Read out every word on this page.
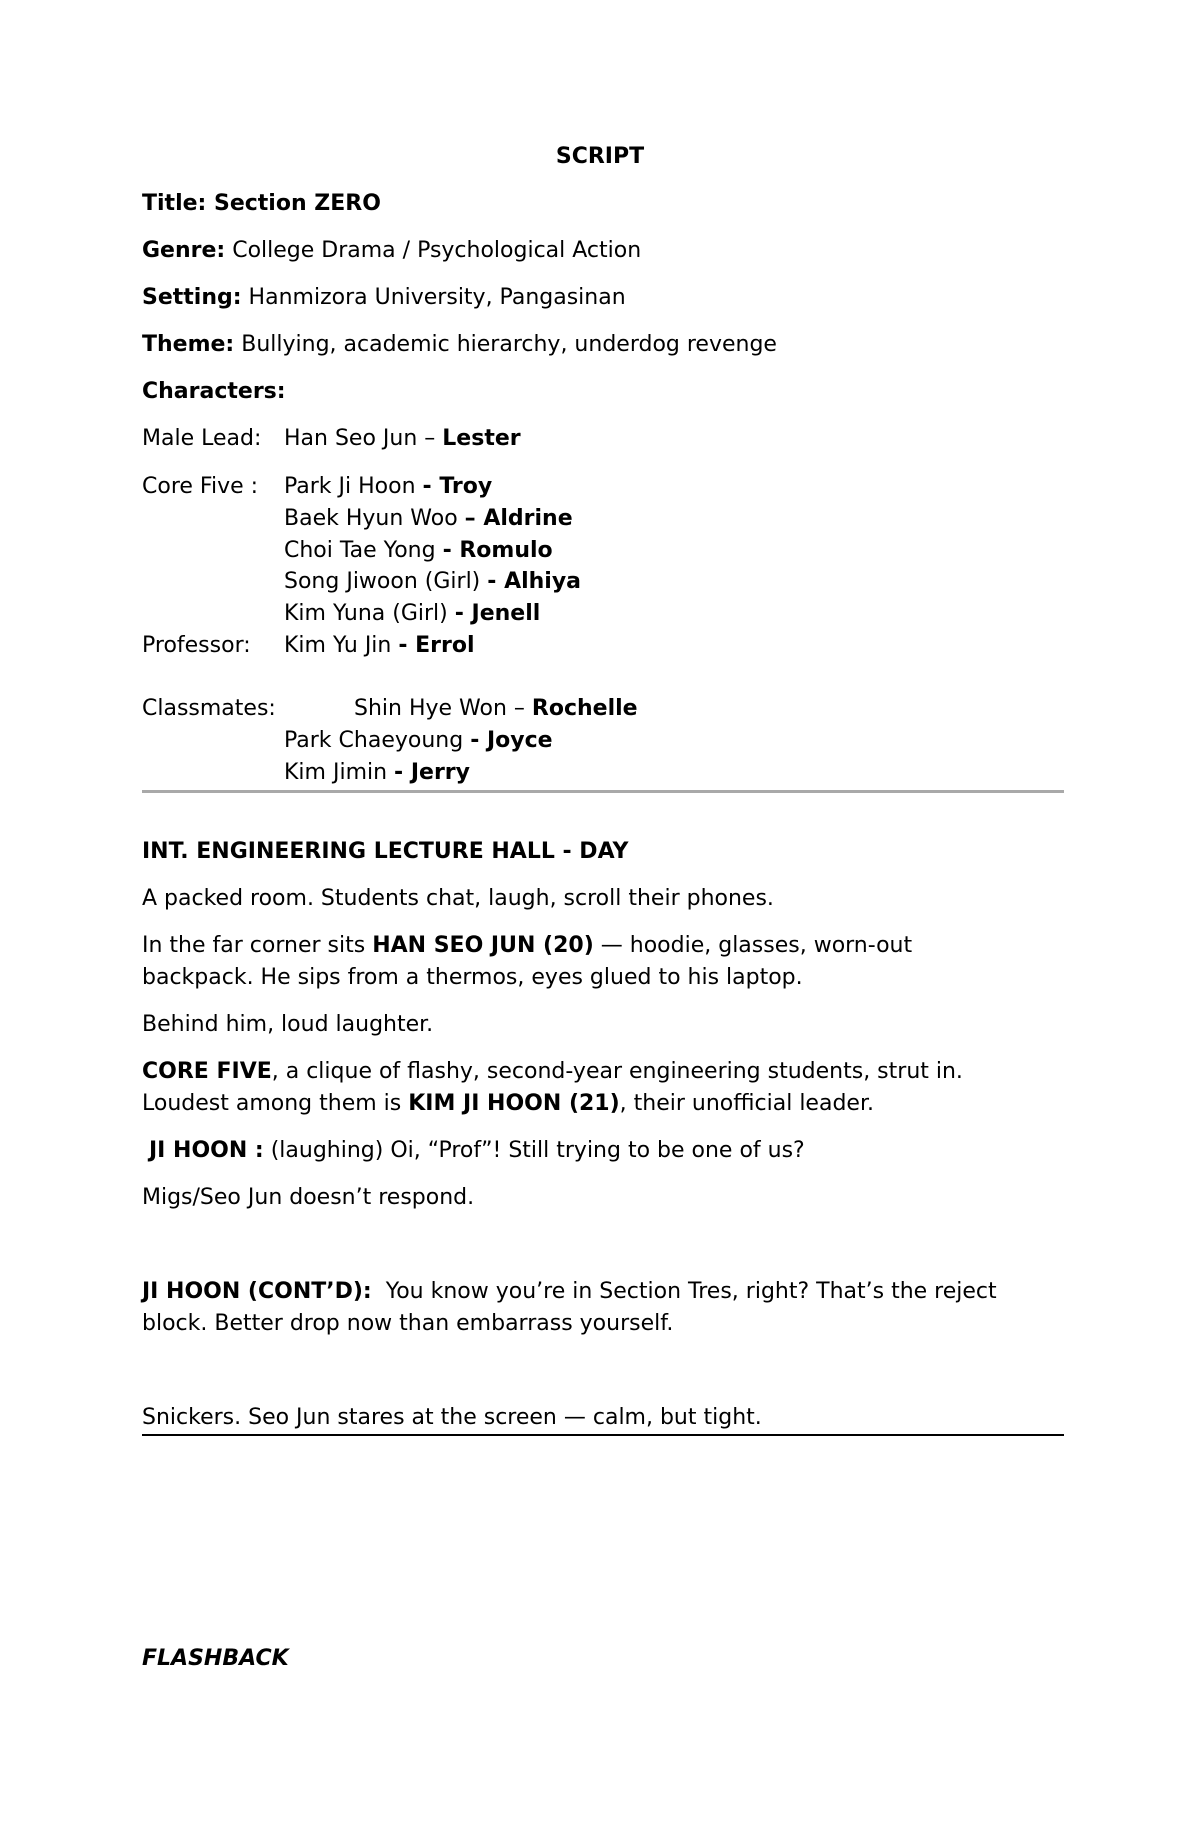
SCRIPT
Title: Section ZERO
Genre: College Drama / Psychological Action
Setting: Hanmizora University, Pangasinan
Theme: Bullying, academic hierarchy, underdog revenge
Characters:
Male Lead: Han Seo Jun – Lester
Core Five : Park Ji Hoon - Troy
Baek Hyun Woo – Aldrine
Choi Tae Yong - Romulo
Song Jiwoon (Girl) - Alhiya
Kim Yuna (Girl) - Jenell
Professor: Kim Yu Jin - Errol
Classmates:	Shin Hye Won – Rochelle
Park Chaeyoung - Joyce
Kim Jimin - Jerry
INT. ENGINEERING LECTURE HALL - DAY
A packed room. Students chat, laugh, scroll their phones.
In the far corner sits HAN SEO JUN (20) — hoodie, glasses, worn-out
backpack. He sips from a thermos, eyes glued to his laptop.
Behind him, loud laughter.
CORE FIVE, a clique of flashy, second-year engineering students, strut in.
Loudest among them is KIM JI HOON (21), their unofficial leader.
JI HOON : (laughing) Oi, “Prof”! Still trying to be one of us?
Migs/Seo Jun doesn’t respond.
JI HOON (CONT’D):  You know you’re in Section Tres, right? That’s the reject
block. Better drop now than embarrass yourself.
Snickers. Seo Jun stares at the screen — calm, but tight.
FLASHBACK
